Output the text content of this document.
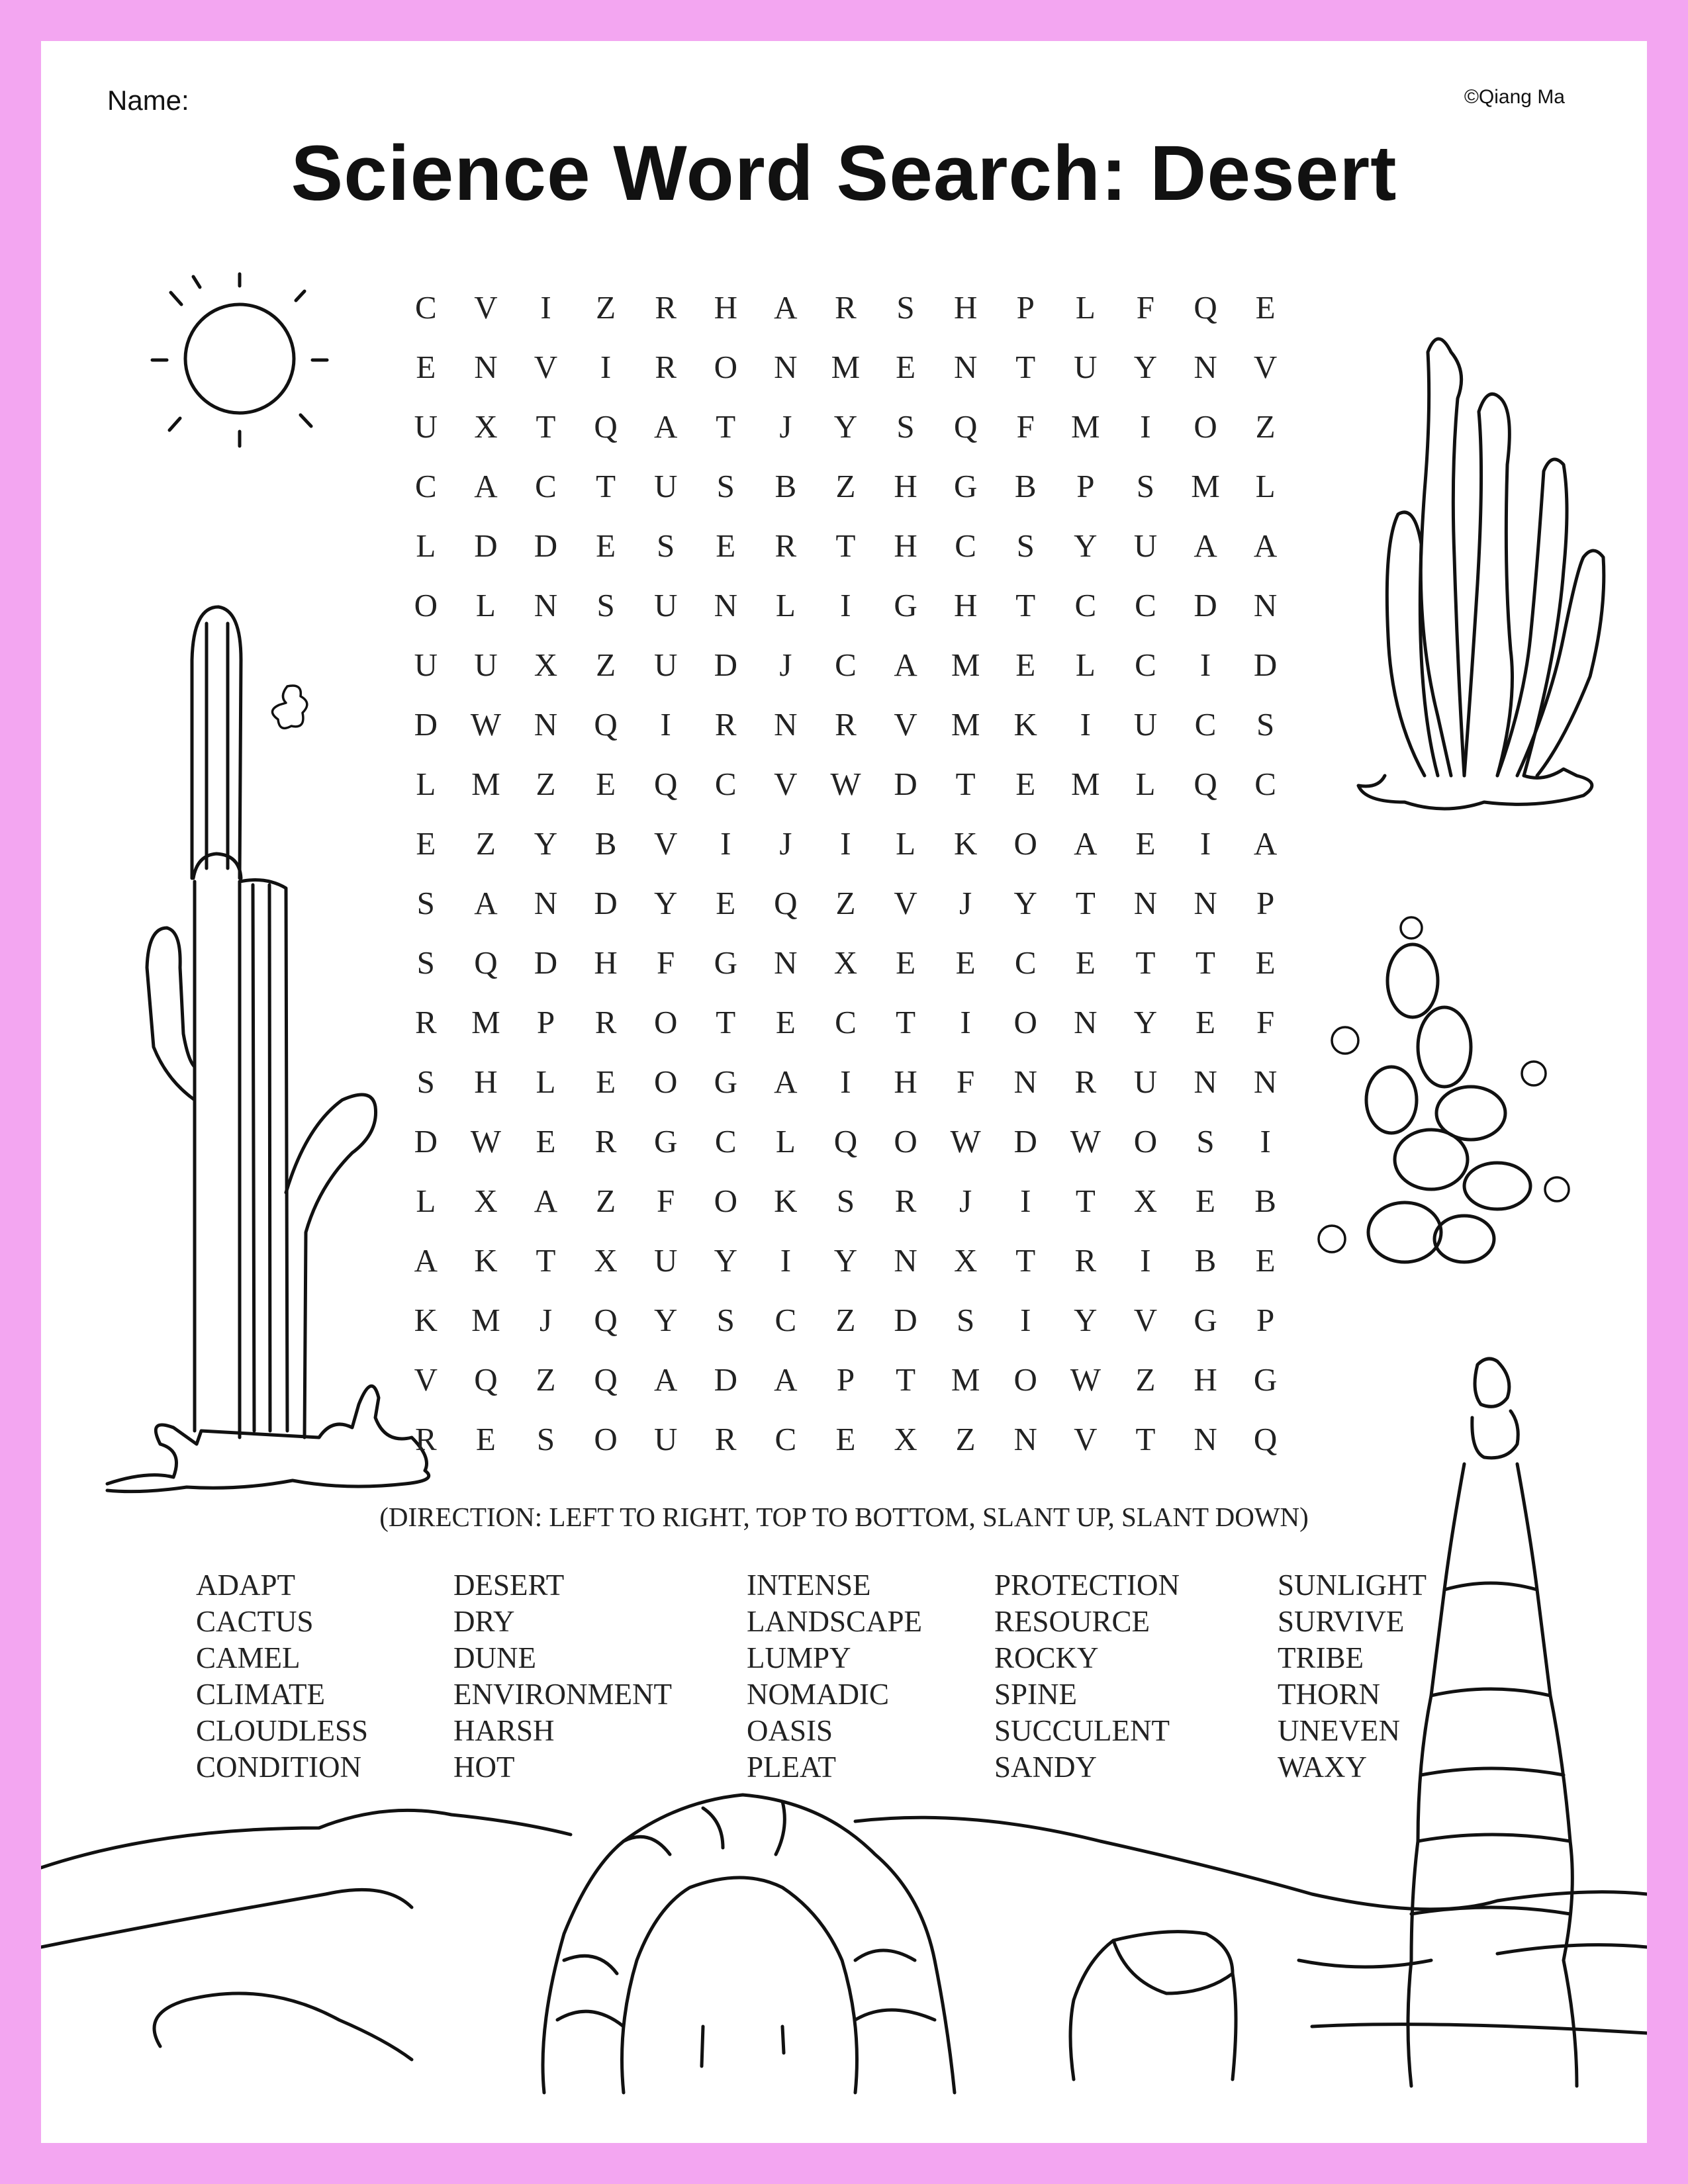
Name:	©Qiang Ma
Science Word Search: Desert
C	V	I	Z	R	H	A	R	S	H	P	L	F	Q	E
E	N	V	I	R	O	N	M	E	N	T	U	Y	N	V
U	X	T	Q	A	T	J	Y	S	Q	F	M	I	O	Z
C	A	C	T	U	S	B	Z	H	G	B	P	S	M	L
L	D	D	E	S	E	R	T	H	C	S	Y	U	A	A
O	L	N	S	U	N	L	I	G	H	T	C	C	D	N
U	U	X	Z	U	D	J	C	A	M	E	L	C	I	D
D	W	N	Q	I	R	N	R	V	M	K	I	U	C	S
L	M	Z	E	Q	C	V	W	D	T	E	M	L	Q	C
E	Z	Y	B	V	I	J	I	L	K	O	A	E	I	A
S	A	N	D	Y	E	Q	Z	V	J	Y	T	N	N	P
S	Q	D	H	F	G	N	X	E	E	C	E	T	T	E
R	M	P	R	O	T	E	C	T	I	O	N	Y	E	F
S	H	L	E	O	G	A	I	H	F	N	R	U	N	N
D	W	E	R	G	C	L	Q	O	W	D	W	O	S	I
L	X	A	Z	F	O	K	S	R	J	I	T	X	E	B
A	K	T	X	U	Y	I	Y	N	X	T	R	I	B	E
K	M	J	Q	Y	S	C	Z	D	S	I	Y	V	G	P
V	Q	Z	Q	A	D	A	P	T	M	O	W	Z	H	G
R	E	S	O	U	R	C	E	X	Z	N	V	T	N	Q
(DIRECTION: LEFT TO RIGHT, TOP TO BOTTOM, SLANT UP, SLANT DOWN)
ADAPT
CACTUS
CAMEL
CLIMATE
CLOUDLESS
CONDITION
DESERT
DRY
DUNE
ENVIRONMENT
HARSH
HOT
INTENSE
LANDSCAPE
LUMPY
NOMADIC
OASIS
PLEAT
PROTECTION
RESOURCE
ROCKY
SPINE
SUCCULENT
SANDY
SUNLIGHT
SURVIVE
TRIBE
THORN
UNEVEN
WAXY
